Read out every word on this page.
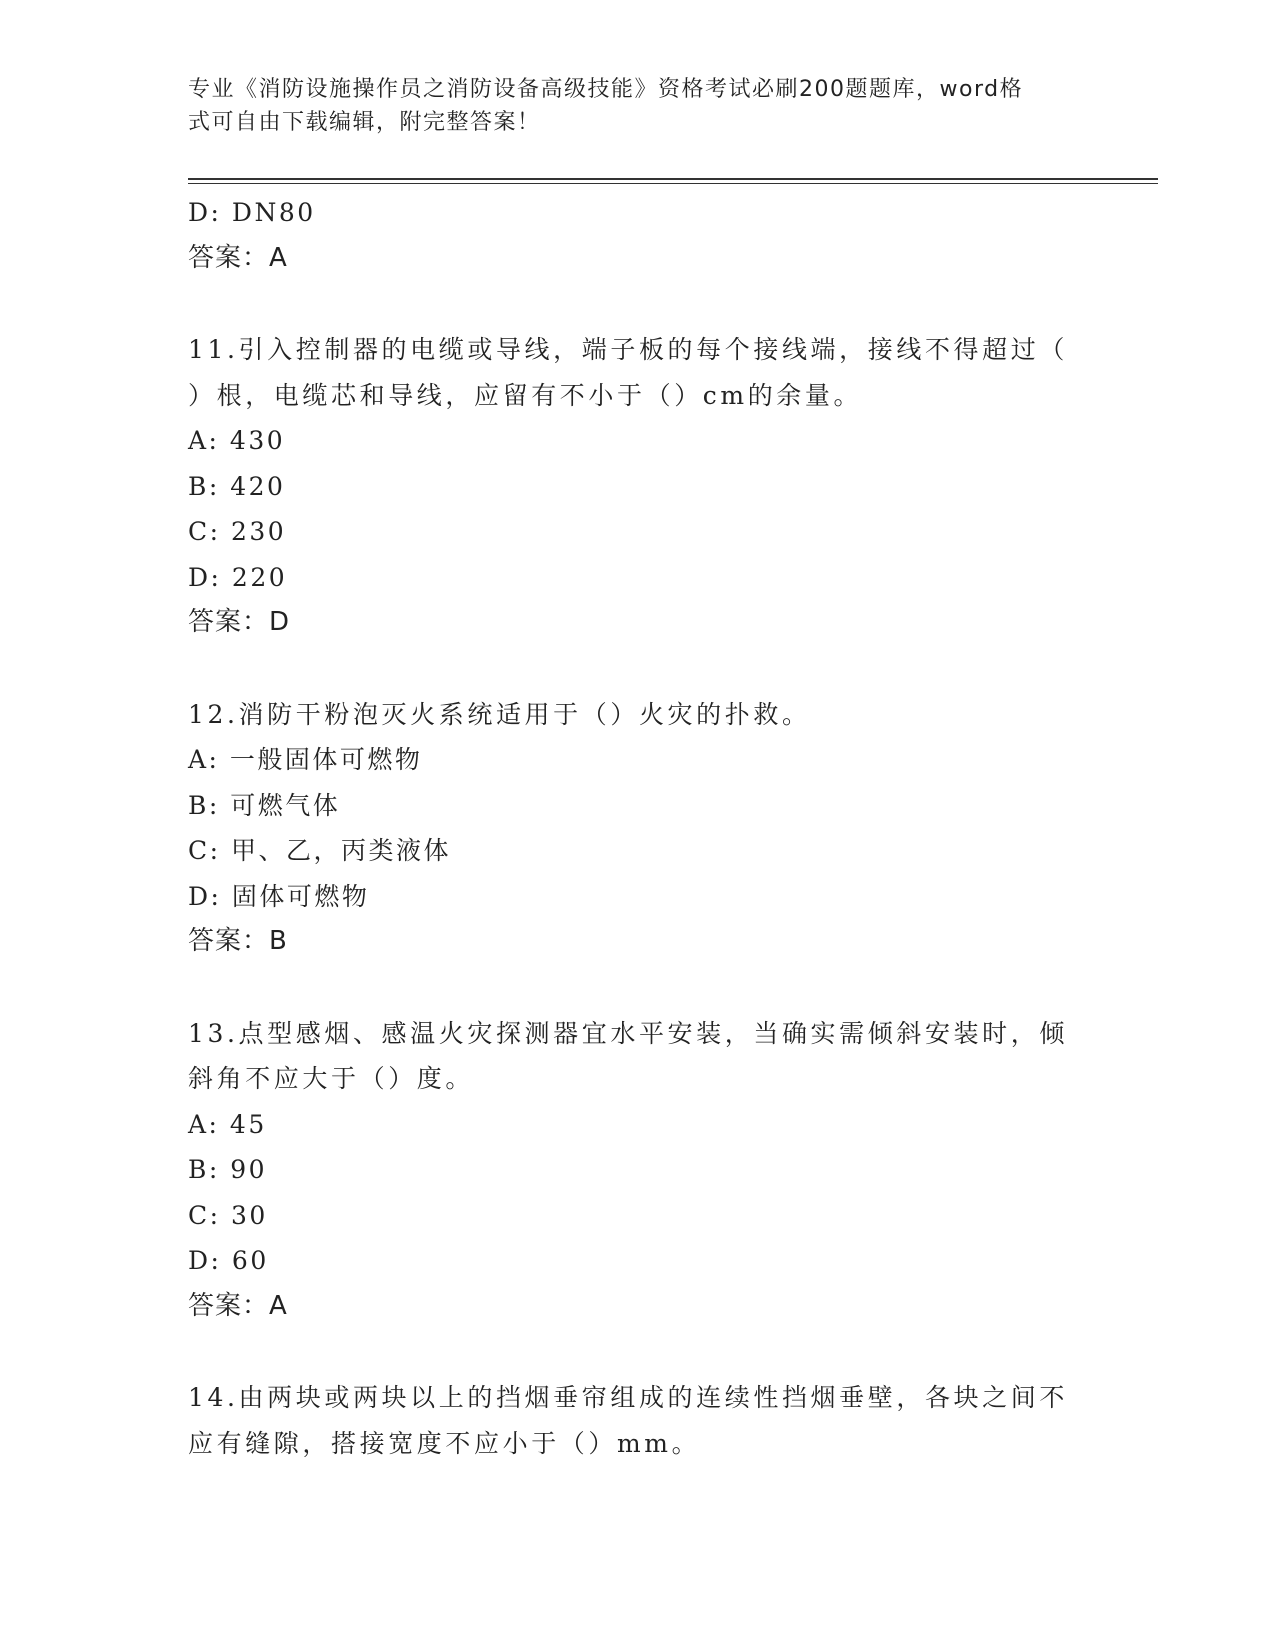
专业《消防设施操作员之消防设备高级技能》资格考试必刷200题题库，word格
式可自由下载编辑，附完整答案！
D: DN80
答案：A
11.引入控制器的电缆或导线，端子板的每个接线端，接线不得超过（
）根，电缆芯和导线，应留有不小于（）cm的余量。
A: 430
B: 420
C: 230
D: 220
答案：D
12.消防干粉泡灭火系统适用于（）火灾的扑救。
A: 一般固体可燃物
B: 可燃气体
C: 甲、乙，丙类液体
D: 固体可燃物
答案：B
13.点型感烟、感温火灾探测器宜水平安装，当确实需倾斜安装时，倾
斜角不应大于（）度。
A: 45
B: 90
C: 30
D: 60
答案：A
14.由两块或两块以上的挡烟垂帘组成的连续性挡烟垂壁，各块之间不
应有缝隙，搭接宽度不应小于（）mm。
